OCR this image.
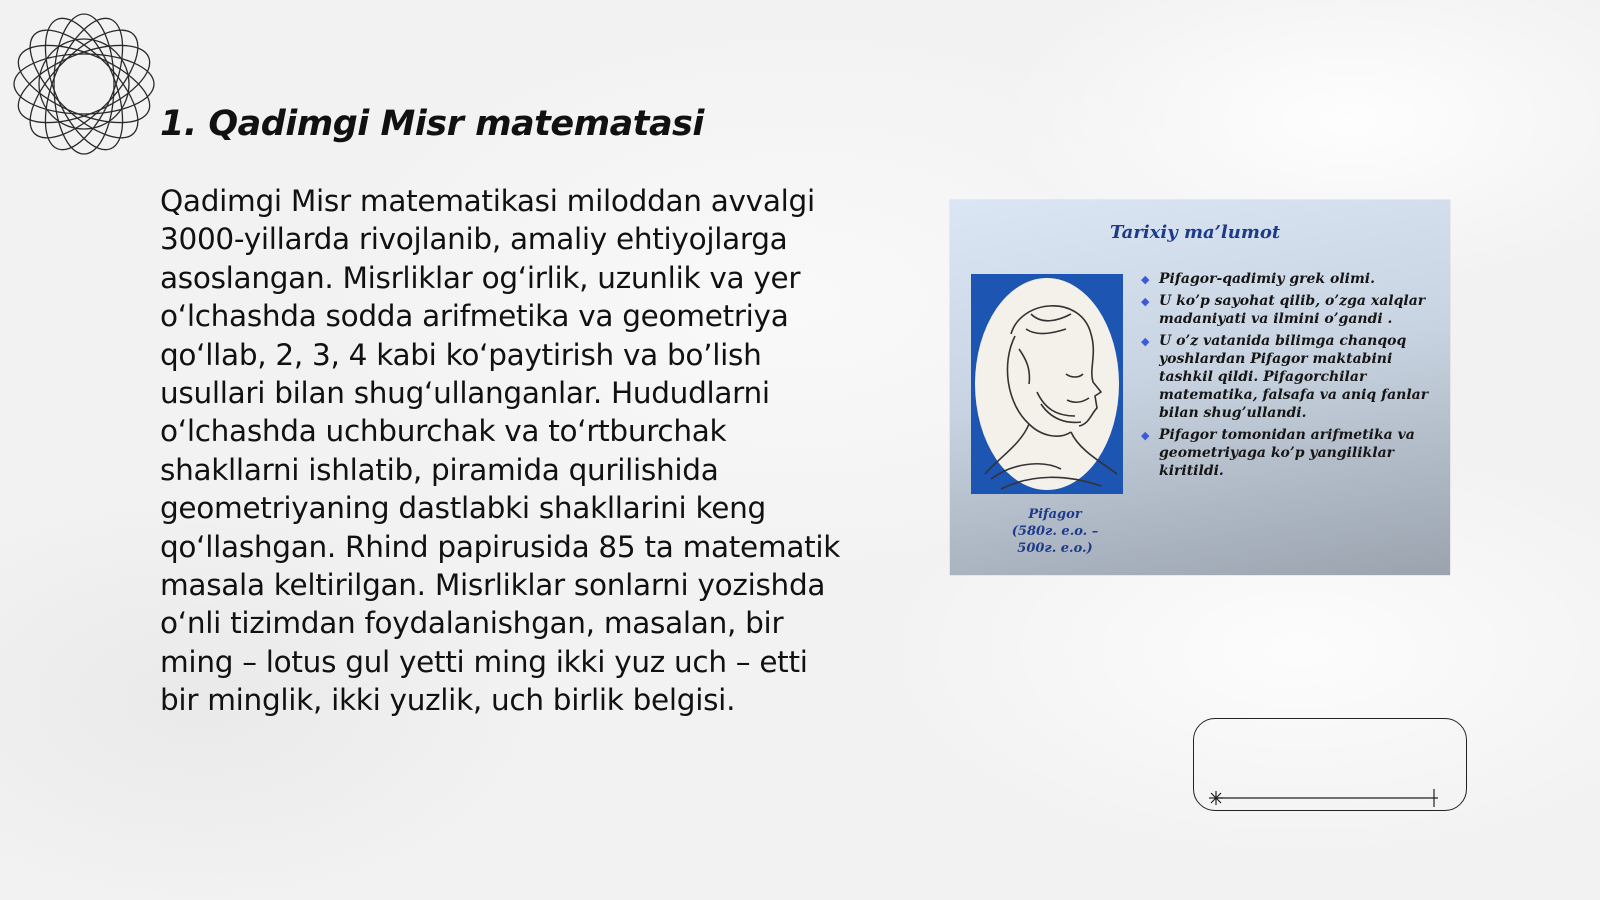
1. Qadimgi Misr matematasi

Qadimgi Misr matematikasi miloddan avvalgi 3000-yillarda rivojlanib, amaliy ehtiyojlarga asoslangan. Misrliklar og‘irlik, uzunlik va yer o‘lchashda sodda arifmetika va geometriya qo‘llab, 2, 3, 4 kabi ko‘paytirish va bo’lish usullari bilan shug‘ullanganlar. Hududlarni o‘lchashda uchburchak va to‘rtburchak shakllarni ishlatib, piramida qurilishida geometriyaning dastlabki shakllarini keng qo‘llashgan. Rhind papirusida 85 ta matematik masala keltirilgan. Misrliklar sonlarni yozishda o‘nli tizimdan foydalanishgan, masalan, bir ming – lotus gul yetti ming ikki yuz uch – etti bir minglik, ikki yuzlik, uch birlik belgisi.

Tarixiy ma’lumot
Pifagor
(580г. e.o. –
500г. e.o.)
◆ Pifagor-qadimiy grek olimi.
◆ U ko’p sayohat qilib, o’zga xalqlar madaniyati va ilmini o’gandi .
◆ U o’z vatanida bilimga chanqoq yoshlardan Pifagor maktabini tashkil qildi. Pifagorchilar matematika, falsafa va aniq fanlar bilan shug’ullandi.
◆ Pifagor tomonidan arifmetika va geometriyaga ko’p yangiliklar kiritildi.
